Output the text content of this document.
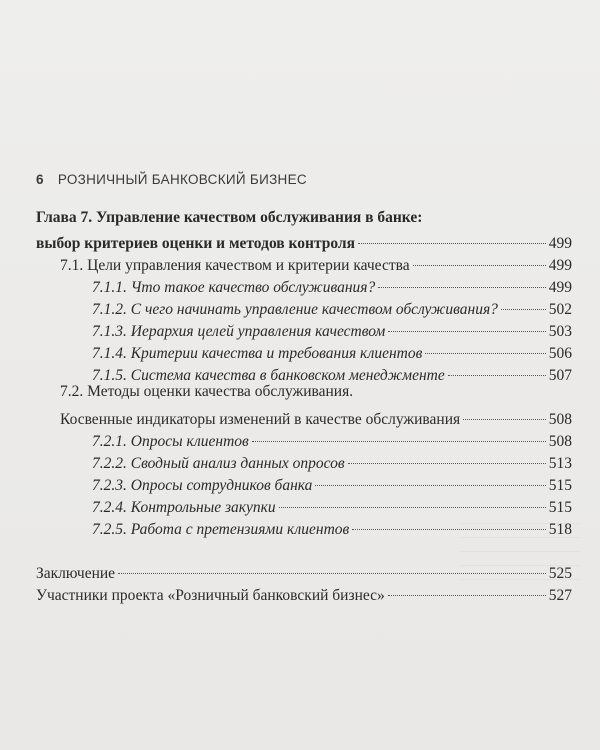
6 РОЗНИЧНЫЙ БАНКОВСКИЙ БИЗНЕС
Глава 7. Управление качеством обслуживания в банке:
выбор критериев оценки и методов контроля	499
7.1. Цели управления качеством и критерии качества	499
7.1.1. Что такое качество обслуживания?	499
7.1.2. С чего начинать управление качеством обслуживания?	502
7.1.3. Иерархия целей управления качеством	503
7.1.4. Критерии качества и требования клиентов	506
7.1.5. Система качества в банковском менеджменте	507
7.2. Методы оценки качества обслуживания.
Косвенные индикаторы изменений в качестве обслуживания	508
7.2.1. Опросы клиентов	508
7.2.2. Сводный анализ данных опросов	513
7.2.3. Опросы сотрудников банка	515
7.2.4. Контрольные закупки	515
7.2.5. Работа с претензиями клиентов	518
Заключение	525
Участники проекта «Розничный банковский бизнес»	527
